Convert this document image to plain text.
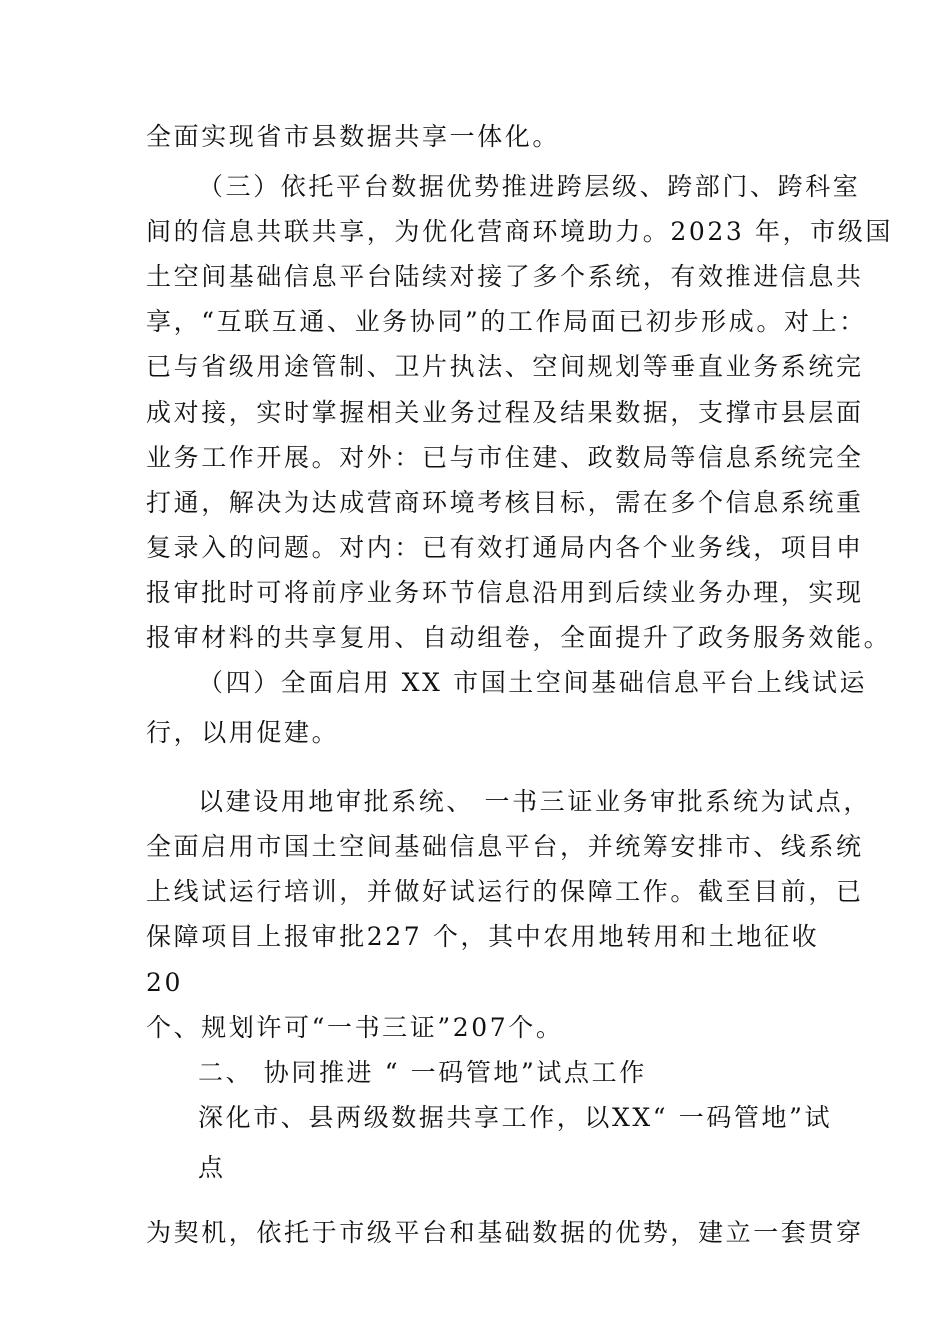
全面实现省市县数据共享一体化。
（三）依托平台数据优势推进跨层级、跨部门、跨科室
间的信息共联共享，为优化营商环境助力。2023 年，市级国
土空间基础信息平台陆续对接了多个系统，有效推进信息共
享，“互联互通、业务协同”的工作局面已初步形成。对上：
已与省级用途管制、卫片执法、空间规划等垂直业务系统完
成对接，实时掌握相关业务过程及结果数据，支撑市县层面
业务工作开展。对外：已与市住建、政数局等信息系统完全
打通，解决为达成营商环境考核目标，需在多个信息系统重
复录入的问题。对内：已有效打通局内各个业务线，项目申
报审批时可将前序业务环节信息沿用到后续业务办理，实现
报审材料的共享复用、自动组卷，全面提升了政务服务效能。
（四）全面启用 XX 市国土空间基础信息平台上线试运
行，以用促建。
以建设用地审批系统、 一书三证业务审批系统为试点，
全面启用市国土空间基础信息平台，并统筹安排市、线系统
上线试运行培训，并做好试运行的保障工作。截至目前，已
保障项目上报审批227 个，其中农用地转用和土地征收
20
个、规划许可“一书三证”207个。
二、 协同推进 “ 一码管地”试点工作
深化市、县两级数据共享工作，以XX“ 一码管地”试
点
为契机，依托于市级平台和基础数据的优势，建立一套贯穿
